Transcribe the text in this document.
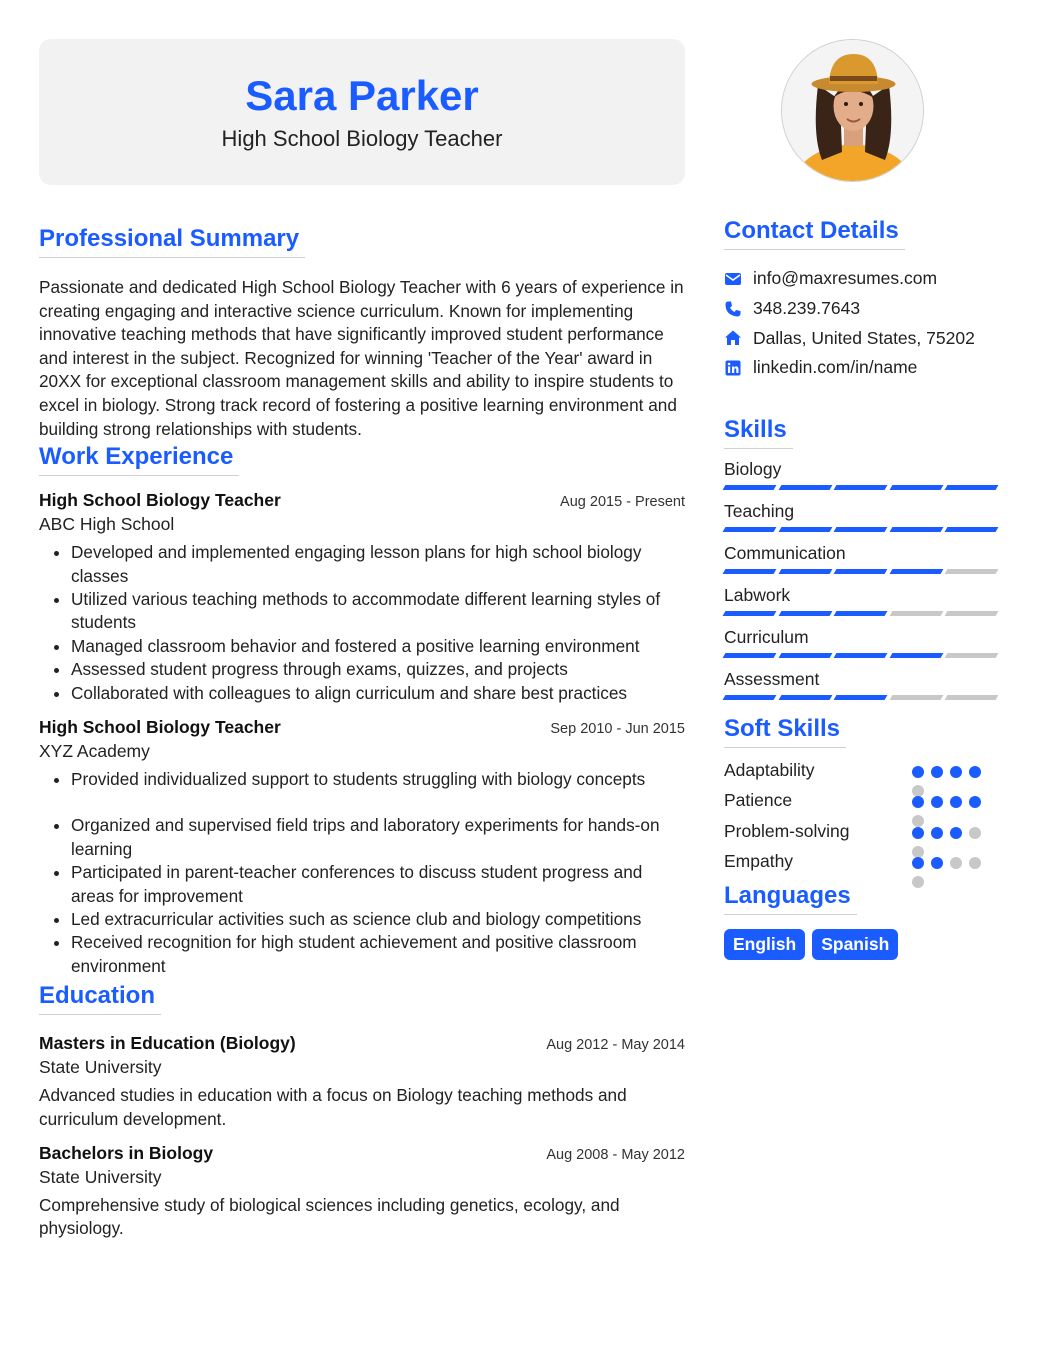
Sara Parker
High School Biology Teacher
Professional Summary
Passionate and dedicated High School Biology Teacher with 6 years of experience in creating engaging and interactive science curriculum. Known for implementing innovative teaching methods that have significantly improved student performance and interest in the subject. Recognized for winning 'Teacher of the Year' award in 20XX for exceptional classroom management skills and ability to inspire students to excel in biology. Strong track record of fostering a positive learning environment and building strong relationships with students.
Work Experience
High School Biology Teacher	Aug 2015 - Present
ABC High School
• Developed and implemented engaging lesson plans for high school biology classes
• Utilized various teaching methods to accommodate different learning styles of students
• Managed classroom behavior and fostered a positive learning environment
• Assessed student progress through exams, quizzes, and projects
• Collaborated with colleagues to align curriculum and share best practices
High School Biology Teacher	Sep 2010 - Jun 2015
XYZ Academy
• Provided individualized support to students struggling with biology concepts
• Organized and supervised field trips and laboratory experiments for hands-on learning
• Participated in parent-teacher conferences to discuss student progress and areas for improvement
• Led extracurricular activities such as science club and biology competitions
• Received recognition for high student achievement and positive classroom environment
Education
Masters in Education (Biology)	Aug 2012 - May 2014
State University
Advanced studies in education with a focus on Biology teaching methods and curriculum development.
Bachelors in Biology	Aug 2008 - May 2012
State University
Comprehensive study of biological sciences including genetics, ecology, and physiology.
Contact Details
info@maxresumes.com
348.239.7643
Dallas, United States, 75202
linkedin.com/in/name
Skills
Biology
Teaching
Communication
Labwork
Curriculum
Assessment
Soft Skills
Adaptability
Patience
Problem-solving
Empathy
Languages
English	Spanish
